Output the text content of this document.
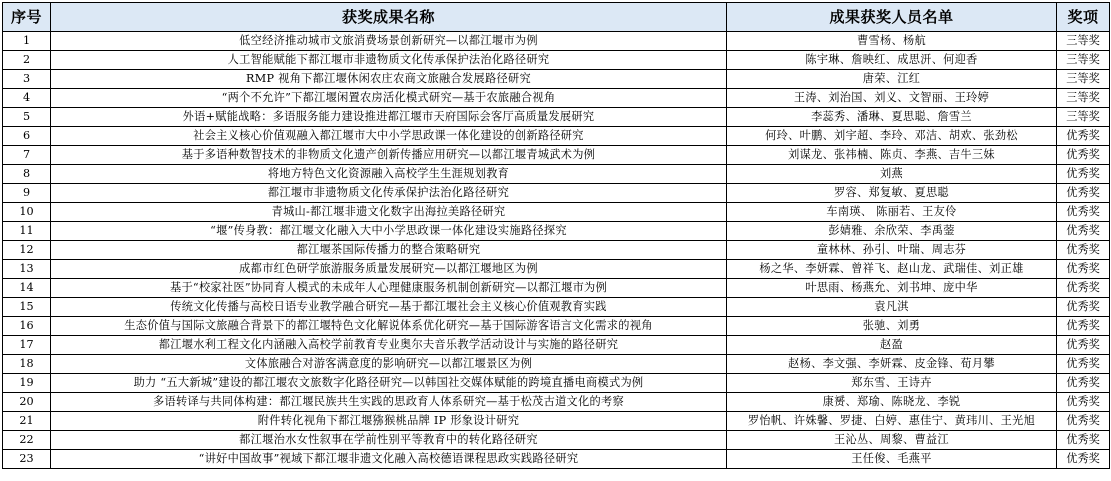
序号	获奖成果名称	成果获奖人员名单	奖项
1	低空经济推动城市文旅消费场景创新研究—以都江堰市为例	曹雪杨、杨航	三等奖
2	人工智能赋能下都江堰市非遗物质文化传承保护法治化路径研究	陈宇琳、詹映红、成思汧、何迎香	三等奖
3	RMP 视角下都江堰休闲农庄农商文旅融合发展路径研究	唐荣、江红	三等奖
4	“两个不允许”下都江堰闲置农房活化模式研究—基于农旅融合视角	王涛、刘治国、刘义、文智丽、王玲婷	三等奖
5	外语+赋能战略：多语服务能力建设推进都江堰市天府国际会客厅高质量发展研究	李蕊秀、潘琳、夏思聪、詹雪兰	三等奖
6	社会主义核心价值观融入都江堰市大中小学思政课一体化建设的创新路径研究	何玲、叶鹏、刘宇超、李玲、邓洁、胡欢、张劲松	优秀奖
7	基于多语种数智技术的非物质文化遗产创新传播应用研究—以都江堰青城武术为例	刘谋龙、张祎楠、陈贞、李燕、吉牛三妹	优秀奖
8	将地方特色文化资源融入高校学生生涯规划教育	刘燕	优秀奖
9	都江堰市非遗物质文化传承保护法治化路径研究	罗容、郑复敏、夏思聪	优秀奖
10	青城山-都江堰非遗文化数字出海拉美路径研究	车南瑛、 陈丽若、王友伶	优秀奖
11	“堰”传身教：都江堰文化融入大中小学思政课一体化建设实施路径探究	彭婧雅、余欣荣、李禹蓥	优秀奖
12	都江堰茶国际传播力的整合策略研究	童林林、孙引、叶瑞、周志芬	优秀奖
13	成都市红色研学旅游服务质量发展研究—以都江堰地区为例	杨之华、李妍霖、曾祥飞、赵山龙、武瑞佳、刘正雄	优秀奖
14	基于“校家社医”协同育人模式的未成年人心理健康服务机制创新研究—以都江堰市为例	叶思雨、杨燕允、刘书坤、庞中华	优秀奖
15	传统文化传播与高校日语专业教学融合研究—基于都江堰社会主义核心价值观教育实践	袁凡淇	优秀奖
16	生态价值与国际文旅融合背景下的都江堰特色文化解说体系优化研究—基于国际游客语言文化需求的视角	张驰、刘勇	优秀奖
17	都江堰水利工程文化内涵融入高校学前教育专业奥尔夫音乐教学活动设计与实施的路径研究	赵盈	优秀奖
18	文体旅融合对游客满意度的影响研究—以都江堰景区为例	赵杨、李文强、李妍霖、皮金锋、荀月攀	优秀奖
19	助力 “五大新城”建设的都江堰农文旅数字化路径研究—以韩国社交媒体赋能的跨境直播电商模式为例	郑东雪、王诗卉	优秀奖
20	多语转译与共同体构建：都江堰民族共生实践的思政育人体系研究—基于松茂古道文化的考察	康赟、郑瑜、陈晓龙、李锐	优秀奖
21	附件转化视角下都江堰猕猴桃品牌 IP 形象设计研究	罗怡帆、许姝馨、罗捷、白婷、惠佳宁、黄玮川、王光旭	优秀奖
22	都江堰治水女性叙事在学前性别平等教育中的转化路径研究	王沁丛、周黎、曹益江	优秀奖
23	“讲好中国故事”视域下都江堰非遗文化融入高校德语课程思政实践路径研究	王任俊、毛燕平	优秀奖
